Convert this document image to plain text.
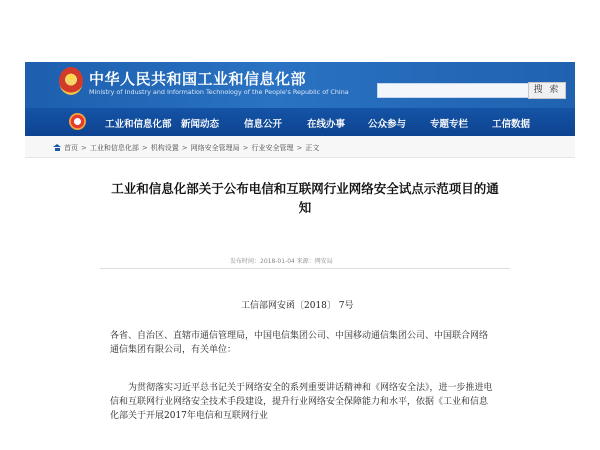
中华人民共和国工业和信息化部
Ministry of Industry and Information Technology of the People's Republic of China	搜 索
工业和信息化部 新闻动态	信息公开	在线办事 公众参与	专题专栏	工信数据
首页 > 工业和信息化部 > 机构设置 > 网络安全管理局 > 行业安全管理 > 正文
工业和信息化部关于公布电信和互联网行业网络安全试点示范项目的通知
发布时间：2018-01-04 来源：网安局
工信部网安函〔2018〕 7号
各省、自治区、直辖市通信管理局，中国电信集团公司、中国移动通信集团公司、中国联合网络通信集团有限公司，有关单位：
为贯彻落实习近平总书记关于网络安全的系列重要讲话精神和《网络安全法》，进一步推进电信和互联网行业网络安全技术手段建设，提升行业网络安全保障能力和水平，依据《工业和信息化部关于开展2017年电信和互联网行业
